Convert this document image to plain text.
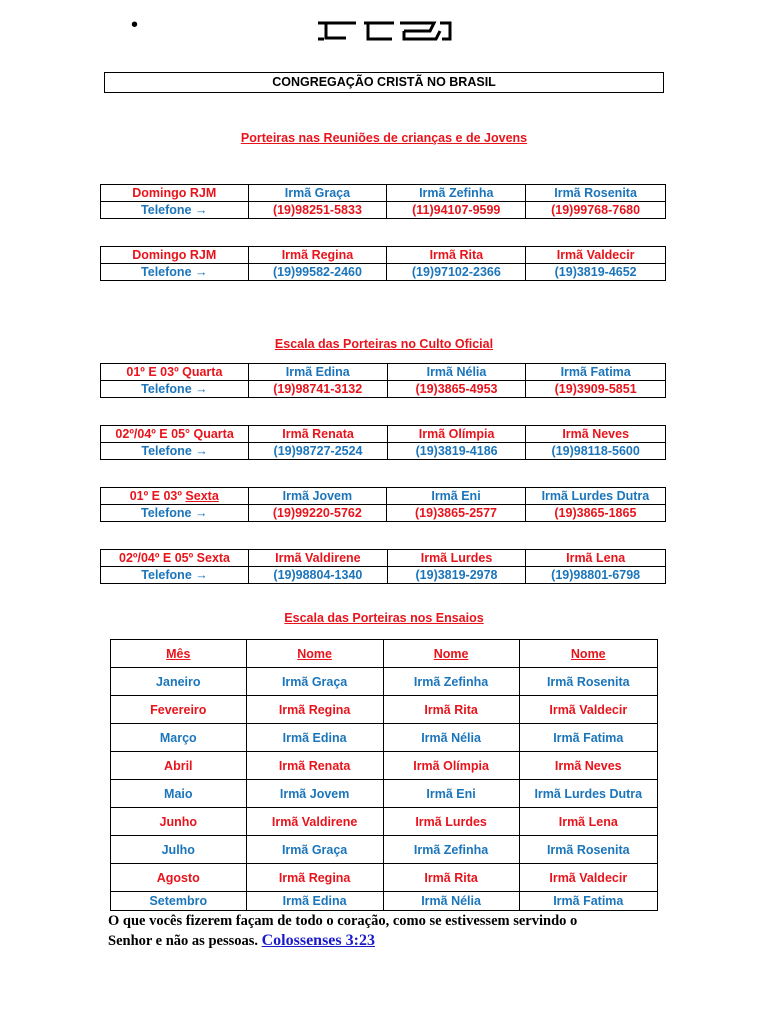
•
CONGREGAÇÃO CRISTÃ NO BRASIL
Porteiras nas Reuniões de crianças e de Jovens
Domingo RJM	Irmã Graça	Irmã Zefinha	Irmã Rosenita
Telefone →	(19)98251-5833	(11)94107-9599	(19)99768-7680
Domingo RJM	Irmã Regina	Irmã Rita	Irmã Valdecir
Telefone →	(19)99582-2460	(19)97102-2366	(19)3819-4652
Escala das Porteiras no Culto Oficial
01º E 03º Quarta	Irmã Edina	Irmã Nélia	Irmã Fatima
Telefone →	(19)98741-3132	(19)3865-4953	(19)3909-5851
02º/04º E 05° Quarta	Irmã Renata	Irmã Olímpia	Irmã Neves
Telefone →	(19)98727-2524	(19)3819-4186	(19)98118-5600
01º E 03º Sexta	Irmã Jovem	Irmã Eni	Irmã Lurdes Dutra
Telefone →	(19)99220-5762	(19)3865-2577	(19)3865-1865
02º/04º E 05º Sexta	Irmã Valdirene	Irmã Lurdes	Irmã Lena
Telefone →	(19)98804-1340	(19)3819-2978	(19)98801-6798
Escala das Porteiras nos Ensaios
Mês	Nome	Nome	Nome
Janeiro	Irmã Graça	Irmã Zefinha	Irmã Rosenita
Fevereiro	Irmã Regina	Irmã Rita	Irmã Valdecir
Março	Irmã Edina	Irmã Nélia	Irmã Fatima
Abril	Irmã Renata	Irmã Olímpia	Irmã Neves
Maio	Irmã Jovem	Irmã Eni	Irmã Lurdes Dutra
Junho	Irmã Valdirene	Irmã Lurdes	Irmã Lena
Julho	Irmã Graça	Irmã Zefinha	Irmã Rosenita
Agosto	Irmã Regina	Irmã Rita	Irmã Valdecir
Setembro	Irmã Edina	Irmã Nélia	Irmã Fatima
O que vocês fizerem façam de todo o coração, como se estivessem servindo o
Senhor e não as pessoas. Colossenses 3:23
